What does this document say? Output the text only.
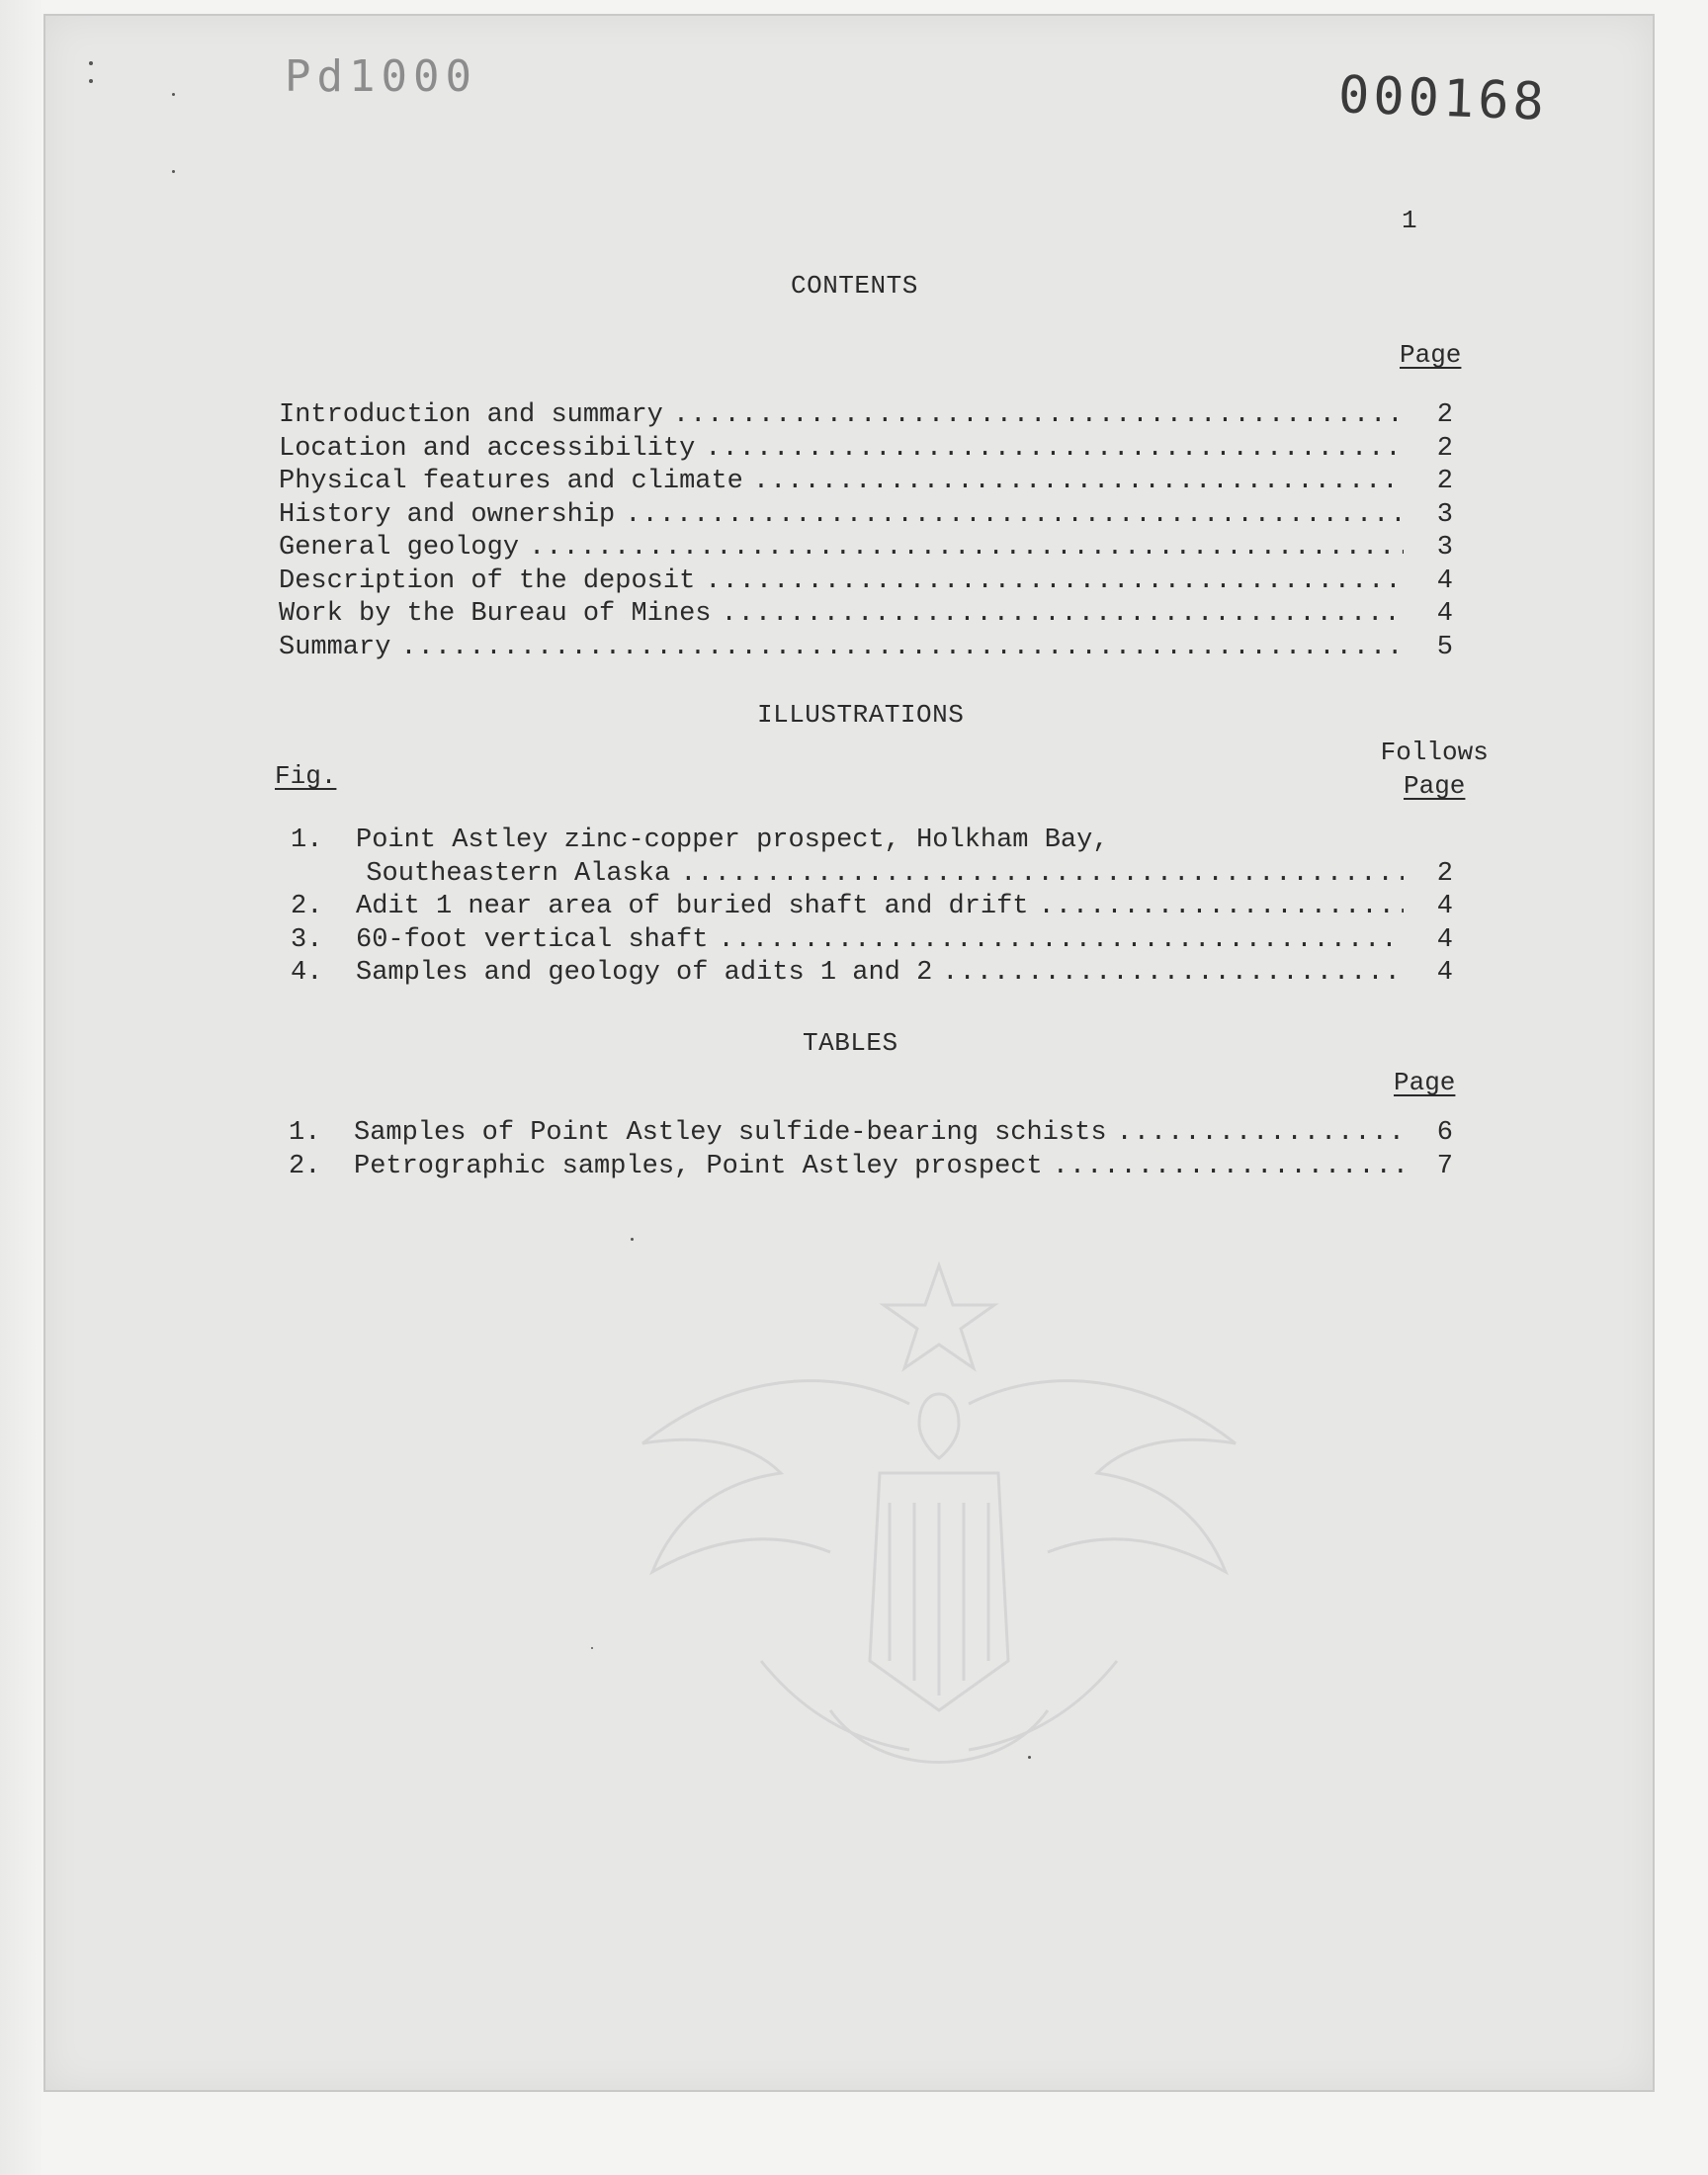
Pd1000	000168
1
CONTENTS
Page
Introduction and summary .....	2
Location and accessibility .....	2
Physical features and climate .....	2
History and ownership .....	3
General geology .....	3
Description of the deposit .....	4
Work by the Bureau of Mines .....	4
Summary .....	5
ILLUSTRATIONS
Follows
Page
Fig.
1.	Point Astley zinc-copper prospect, Holkham Bay,
Southeastern Alaska .....	2
2.	Adit 1 near area of buried shaft and drift .....	4
3.	60-foot vertical shaft .....	4
4.	Samples and geology of adits 1 and 2 .....	4
TABLES
Page
1.	Samples of Point Astley sulfide-bearing schists .....	6
2.	Petrographic samples, Point Astley prospect .....	7
